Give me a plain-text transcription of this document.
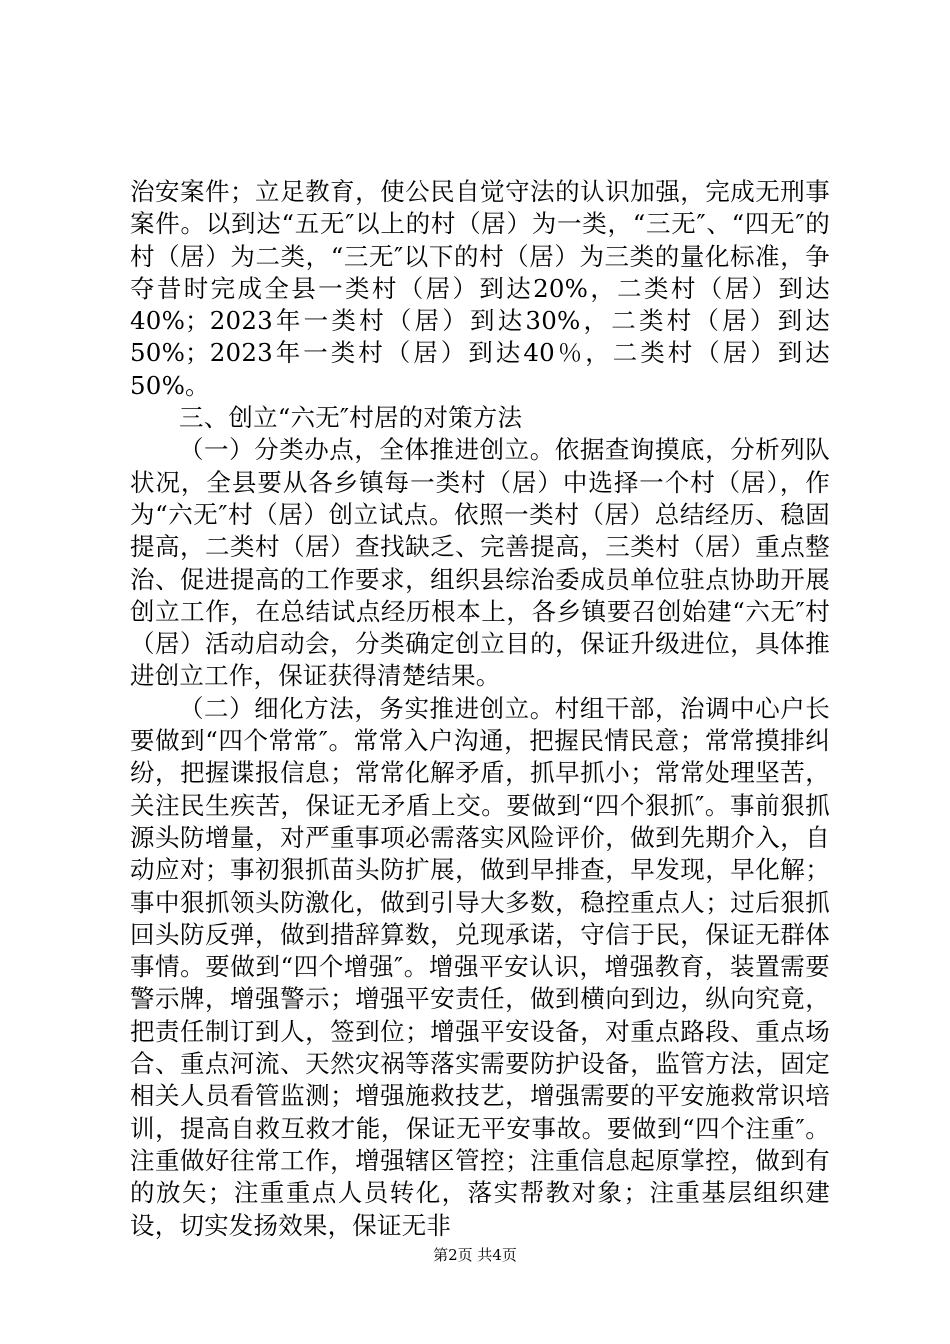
治安案件；立足教育，使公民自觉守法的认识加强，完成无刑事案件。以到达“五无″以上的村（居）为一类，“三无″、“四无″的村（居）为二类，“三无″以下的村（居）为三类的量化标准，争夺昔时完成全县一类村（居）到达20%，二类村（居）到达40%；2023年一类村（居）到达30%，二类村（居）到达50%；2023年一类村（居）到达40％，二类村（居）到达50%。

三、创立“六无″村居的对策方法

（一）分类办点，全体推进创立。依据查询摸底，分析列队状况，全县要从各乡镇每一类村（居）中选择一个村（居），作为“六无″村（居）创立试点。依照一类村（居）总结经历、稳固提高，二类村（居）查找缺乏、完善提高，三类村（居）重点整治、促进提高的工作要求，组织县综治委成员单位驻点协助开展创立工作，在总结试点经历根本上，各乡镇要召创始建“六无″村（居）活动启动会，分类确定创立目的，保证升级进位，具体推进创立工作，保证获得清楚结果。

（二）细化方法，务实推进创立。村组干部，治调中心户长要做到“四个常常″。常常入户沟通，把握民情民意；常常摸排纠纷，把握谍报信息；常常化解矛盾，抓早抓小；常常处理坚苦，关注民生疾苦，保证无矛盾上交。要做到“四个狠抓″。事前狠抓源头防增量，对严重事项必需落实风险评价，做到先期介入，自动应对；事初狠抓苗头防扩展，做到早排查，早发现，早化解；事中狠抓领头防激化，做到引导大多数，稳控重点人；过后狠抓回头防反弹，做到措辞算数，兑现承诺，守信于民，保证无群体事情。要做到“四个增强″。增强平安认识，增强教育，装置需要警示牌，增强警示；增强平安责任，做到横向到边，纵向究竟，把责任制订到人，签到位；增强平安设备，对重点路段、重点场合、重点河流、天然灾祸等落实需要防护设备，监管方法，固定相关人员看管监测；增强施救技艺，增强需要的平安施救常识培训，提高自救互救才能，保证无平安事故。要做到“四个注重″。注重做好往常工作，增强辖区管控；注重信息起原掌控，做到有的放矢；注重重点人员转化，落实帮教对象；注重基层组织建设，切实发扬效果，保证无非

第2页 共4页
